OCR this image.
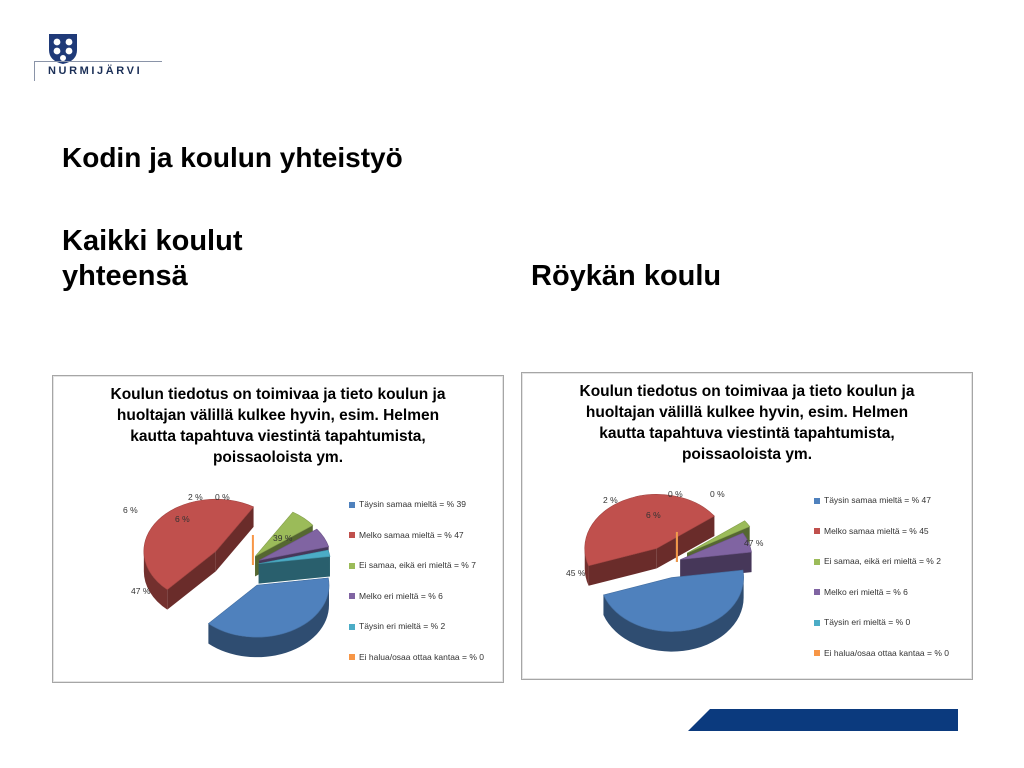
NURMIJÄRVI
Kodin ja koulun yhteistyö
Kaikki koulut
yhteensä	Röykän koulu

Koulun tiedotus on toimivaa ja tieto koulun ja
huoltajan välillä kulkee hyvin, esim. Helmen
kautta tapahtuva viestintä tapahtumista,
poissaoloista ym.

39 %
47 %
6 %
6 %
2 % 0 %
Täysin samaa mieltä = % 39
Melko samaa mieltä = % 47
Ei samaa, eikä eri mieltä = % 7
Melko eri mieltä = % 6
Täysin eri mieltä = % 2
Ei halua/osaa ottaa kantaa = % 0

Koulun tiedotus on toimivaa ja tieto koulun ja
huoltajan välillä kulkee hyvin, esim. Helmen
kautta tapahtuva viestintä tapahtumista,
poissaoloista ym.

47 %
45 %
2 %
6 %
0 %	0 %
Täysin samaa mieltä = % 47
Melko samaa mieltä = % 45
Ei samaa, eikä eri mieltä = % 2
Melko eri mieltä = % 6
Täysin eri mieltä = % 0
Ei halua/osaa ottaa kantaa = % 0
